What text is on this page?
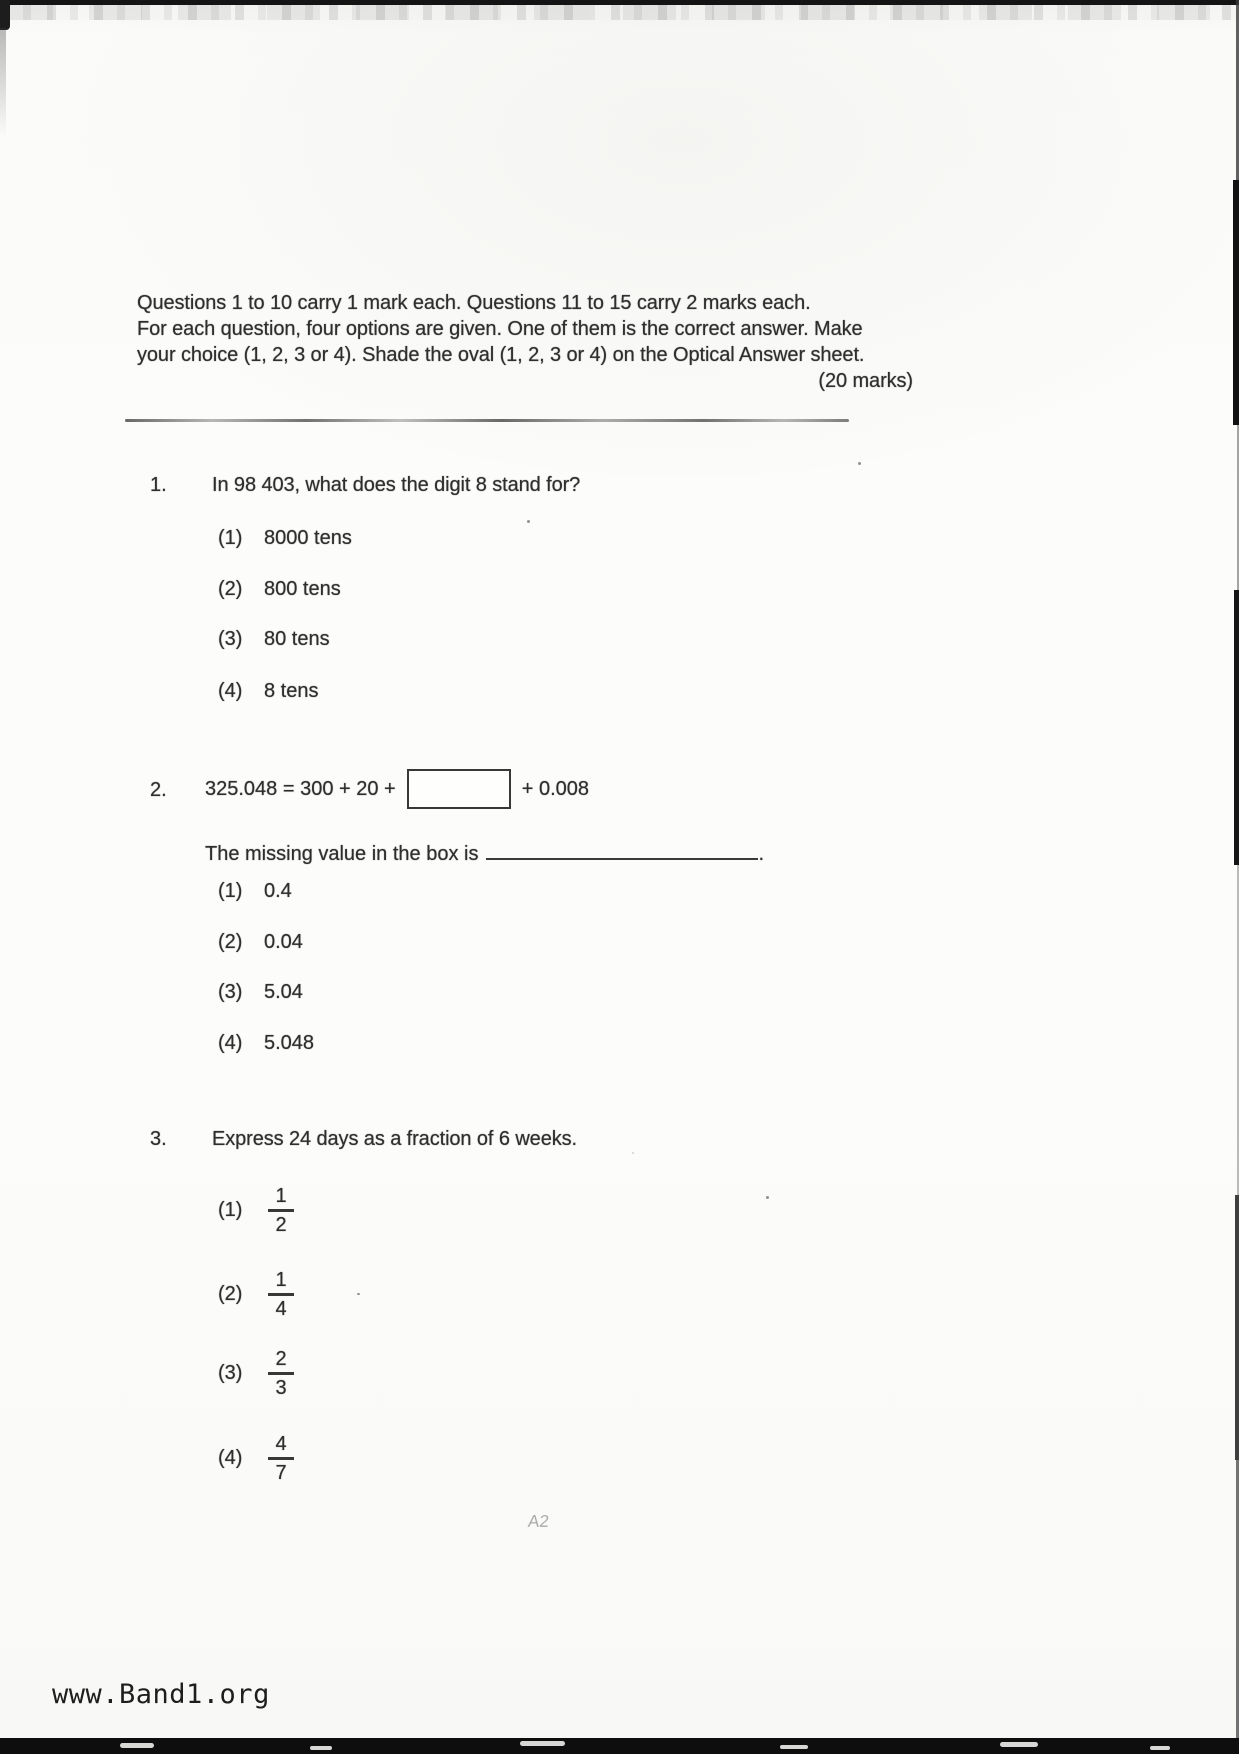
Questions 1 to 10 carry 1 mark each. Questions 11 to 15 carry 2 marks each.
For each question, four options are given. One of them is the correct answer. Make
your choice (1, 2, 3 or 4). Shade the oval (1, 2, 3 or 4) on the Optical Answer sheet.
(20 marks)
1. In 98 403, what does the digit 8 stand for?
(1) 8000 tens
(2) 800 tens
(3) 80 tens
(4) 8 tens
2. 325.048 = 300 + 20 +	+ 0.008
The missing value in the box is	.
(1) 0.4
(2) 0.04
(3) 5.04
(4) 5.048
3. Express 24 days as a fraction of 6 weeks.
$(1) \frac{1}{2}$
$(2) \frac{1}{4}$
$(3) \frac{2}{3}$
$(4) \frac{4}{7}$
A2
www.Band1.org
